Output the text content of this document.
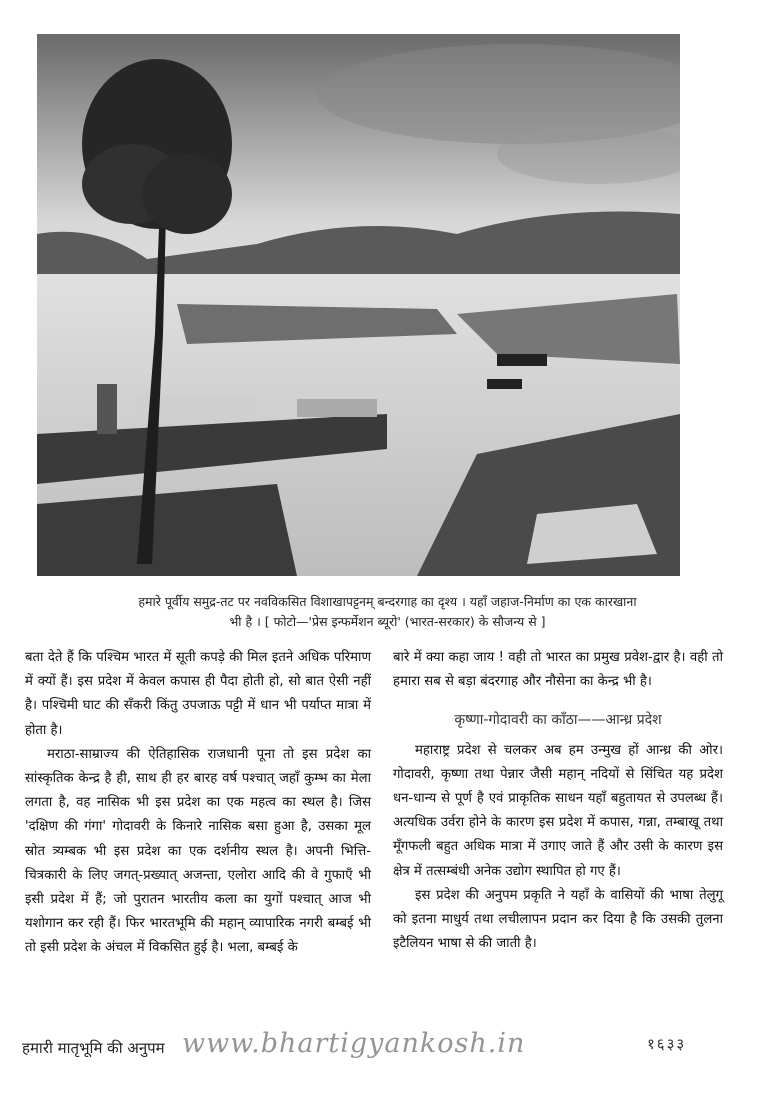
हमारे पूर्वीय समुद्र-तट पर नवविकसित विशाखापट्टनम् बन्दरगाह का दृश्य । यहाँ जहाज-निर्माण का एक कारखाना
भी है । [ फोटो—'प्रेस इन्फर्मेशन ब्यूरो' (भारत-सरकार) के सौजन्य से ]

बता देते हैं कि पश्चिम भारत में सूती कपड़े की मिल इतने अधिक परिमाण में क्यों हैं। इस प्रदेश में केवल कपास ही पैदा होती हो, सो बात ऐसी नहीं है। पश्चिमी घाट की सँकरी किंतु उपजाऊ पट्टी में धान भी पर्याप्त मात्रा में होता है।

मराठा-साम्राज्य की ऐतिहासिक राजधानी पूना तो इस प्रदेश का सांस्कृतिक केन्द्र है ही, साथ ही हर बारह वर्ष पश्चात् जहाँ कुम्भ का मेला लगता है, वह नासिक भी इस प्रदेश का एक महत्व का स्थल है। जिस 'दक्षिण की गंगा' गोदावरी के किनारे नासिक बसा हुआ है, उसका मूल स्रोत त्र्यम्बक भी इस प्रदेश का एक दर्शनीय स्थल है। अपनी भित्ति-चित्रकारी के लिए जगत्-प्रख्यात् अजन्ता, एलोरा आदि की वे गुफाएँ भी इसी प्रदेश में हैं; जो पुरातन भारतीय कला का युगों पश्चात् आज भी यशोगान कर रही हैं। फिर भारतभूमि की महान् व्यापारिक नगरी बम्बई भी तो इसी प्रदेश के अंचल में विकसित हुई है। भला, बम्बई के

बारे में क्या कहा जाय ! वही तो भारत का प्रमुख प्रवेश-द्वार है। वही तो हमारा सब से बड़ा बंदरगाह और नौसेना का केन्द्र भी है।

कृष्णा-गोदावरी का काँठा——आन्ध्र प्रदेश

महाराष्ट्र प्रदेश से चलकर अब हम उन्मुख हों आन्ध्र की ओर। गोदावरी, कृष्णा तथा पेन्नार जैसी महान् नदियों से सिंचित यह प्रदेश धन-धान्य से पूर्ण है एवं प्राकृतिक साधन यहाँ बहुतायत से उपलब्ध हैं। अत्यधिक उर्वरा होने के कारण इस प्रदेश में कपास, गन्ना, तम्बाखू तथा मूँगफली बहुत अधिक मात्रा में उगाए जाते हैं और उसी के कारण इस क्षेत्र में तत्सम्बंधी अनेक उद्योग स्थापित हो गए हैं।

इस प्रदेश की अनुपम प्रकृति ने यहाँ के वासियों की भाषा तेलुगू को इतना माधुर्य तथा लचीलापन प्रदान कर दिया है कि उसकी तुलना इटैलियन भाषा से की जाती है।

हमारी मातृभूमि की अनुपम www.bhartigyankosh.in	१६३३
